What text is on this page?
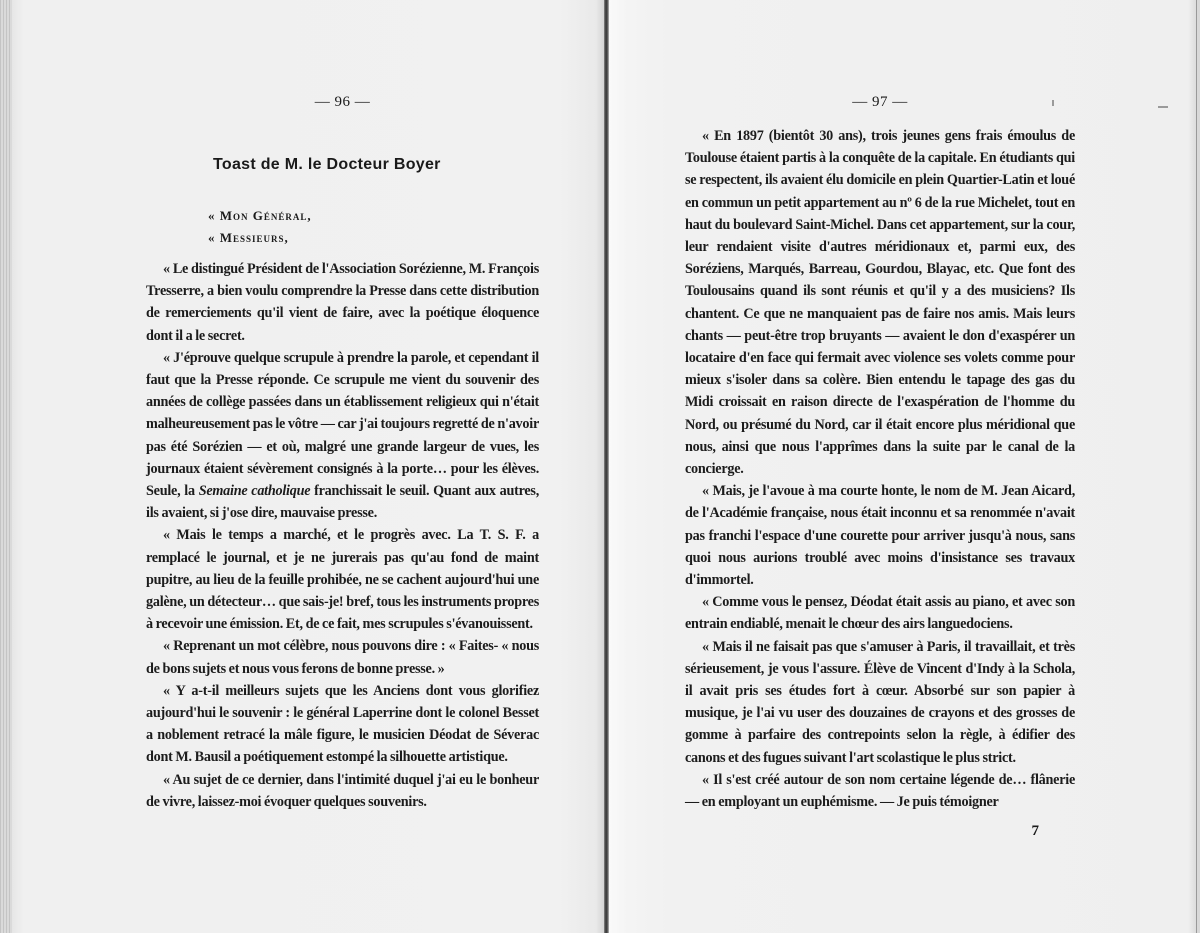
— 96 —
Toast de M. le Docteur Boyer
« Mon Général,
« Messieurs,

« Le distingué Président de l'Association Sorézienne, M. François Tresserre, a bien voulu comprendre la Presse dans cette distribution de remerciements qu'il vient de faire, avec la poétique éloquence dont il a le secret.

« J'éprouve quelque scrupule à prendre la parole, et cependant il faut que la Presse réponde. Ce scrupule me vient du souvenir des années de collège passées dans un établissement religieux qui n'était malheureusement pas le vôtre — car j'ai toujours regretté de n'avoir pas été Sorézien — et où, malgré une grande largeur de vues, les journaux étaient sévèrement consignés à la porte… pour les élèves. Seule, la Semaine catholique franchissait le seuil. Quant aux autres, ils avaient, si j'ose dire, mauvaise presse.

« Mais le temps a marché, et le progrès avec. La T. S. F. a remplacé le journal, et je ne jurerais pas qu'au fond de maint pupitre, au lieu de la feuille prohibée, ne se cachent aujourd'hui une galène, un détecteur… que sais-je! bref, tous les instruments propres à recevoir une émission. Et, de ce fait, mes scrupules s'évanouissent.

« Reprenant un mot célèbre, nous pouvons dire : « Faites- « nous de bons sujets et nous vous ferons de bonne presse. »

« Y a-t-il meilleurs sujets que les Anciens dont vous glorifiez aujourd'hui le souvenir : le général Laperrine dont le colonel Besset a noblement retracé la mâle figure, le musicien Déodat de Séverac dont M. Bausil a poétiquement estompé la silhouette artistique.

« Au sujet de ce dernier, dans l'intimité duquel j'ai eu le bonheur de vivre, laissez-moi évoquer quelques souvenirs.

— 97 —

« En 1897 (bientôt 30 ans), trois jeunes gens frais émoulus de Toulouse étaient partis à la conquête de la capitale. En étudiants qui se respectent, ils avaient élu domicile en plein Quartier-Latin et loué en commun un petit appartement au nº 6 de la rue Michelet, tout en haut du boulevard Saint-Michel. Dans cet appartement, sur la cour, leur rendaient visite d'autres méridionaux et, parmi eux, des Soréziens, Marqués, Barreau, Gourdou, Blayac, etc. Que font des Toulousains quand ils sont réunis et qu'il y a des musiciens? Ils chantent. Ce que ne manquaient pas de faire nos amis. Mais leurs chants — peut-être trop bruyants — avaient le don d'exaspérer un locataire d'en face qui fermait avec violence ses volets comme pour mieux s'isoler dans sa colère. Bien entendu le tapage des gas du Midi croissait en raison directe de l'exaspération de l'homme du Nord, ou présumé du Nord, car il était encore plus méridional que nous, ainsi que nous l'apprîmes dans la suite par le canal de la concierge.

« Mais, je l'avoue à ma courte honte, le nom de M. Jean Aicard, de l'Académie française, nous était inconnu et sa renommée n'avait pas franchi l'espace d'une courette pour arriver jusqu'à nous, sans quoi nous aurions troublé avec moins d'insistance ses travaux d'immortel.

« Comme vous le pensez, Déodat était assis au piano, et avec son entrain endiablé, menait le chœur des airs languedociens.

« Mais il ne faisait pas que s'amuser à Paris, il travaillait, et très sérieusement, je vous l'assure. Élève de Vincent d'Indy à la Schola, il avait pris ses études fort à cœur. Absorbé sur son papier à musique, je l'ai vu user des douzaines de crayons et des grosses de gomme à parfaire des contrepoints selon la règle, à édifier des canons et des fugues suivant l'art scolastique le plus strict.

« Il s'est créé autour de son nom certaine légende de… flânerie — en employant un euphémisme. — Je puis témoigner

7
